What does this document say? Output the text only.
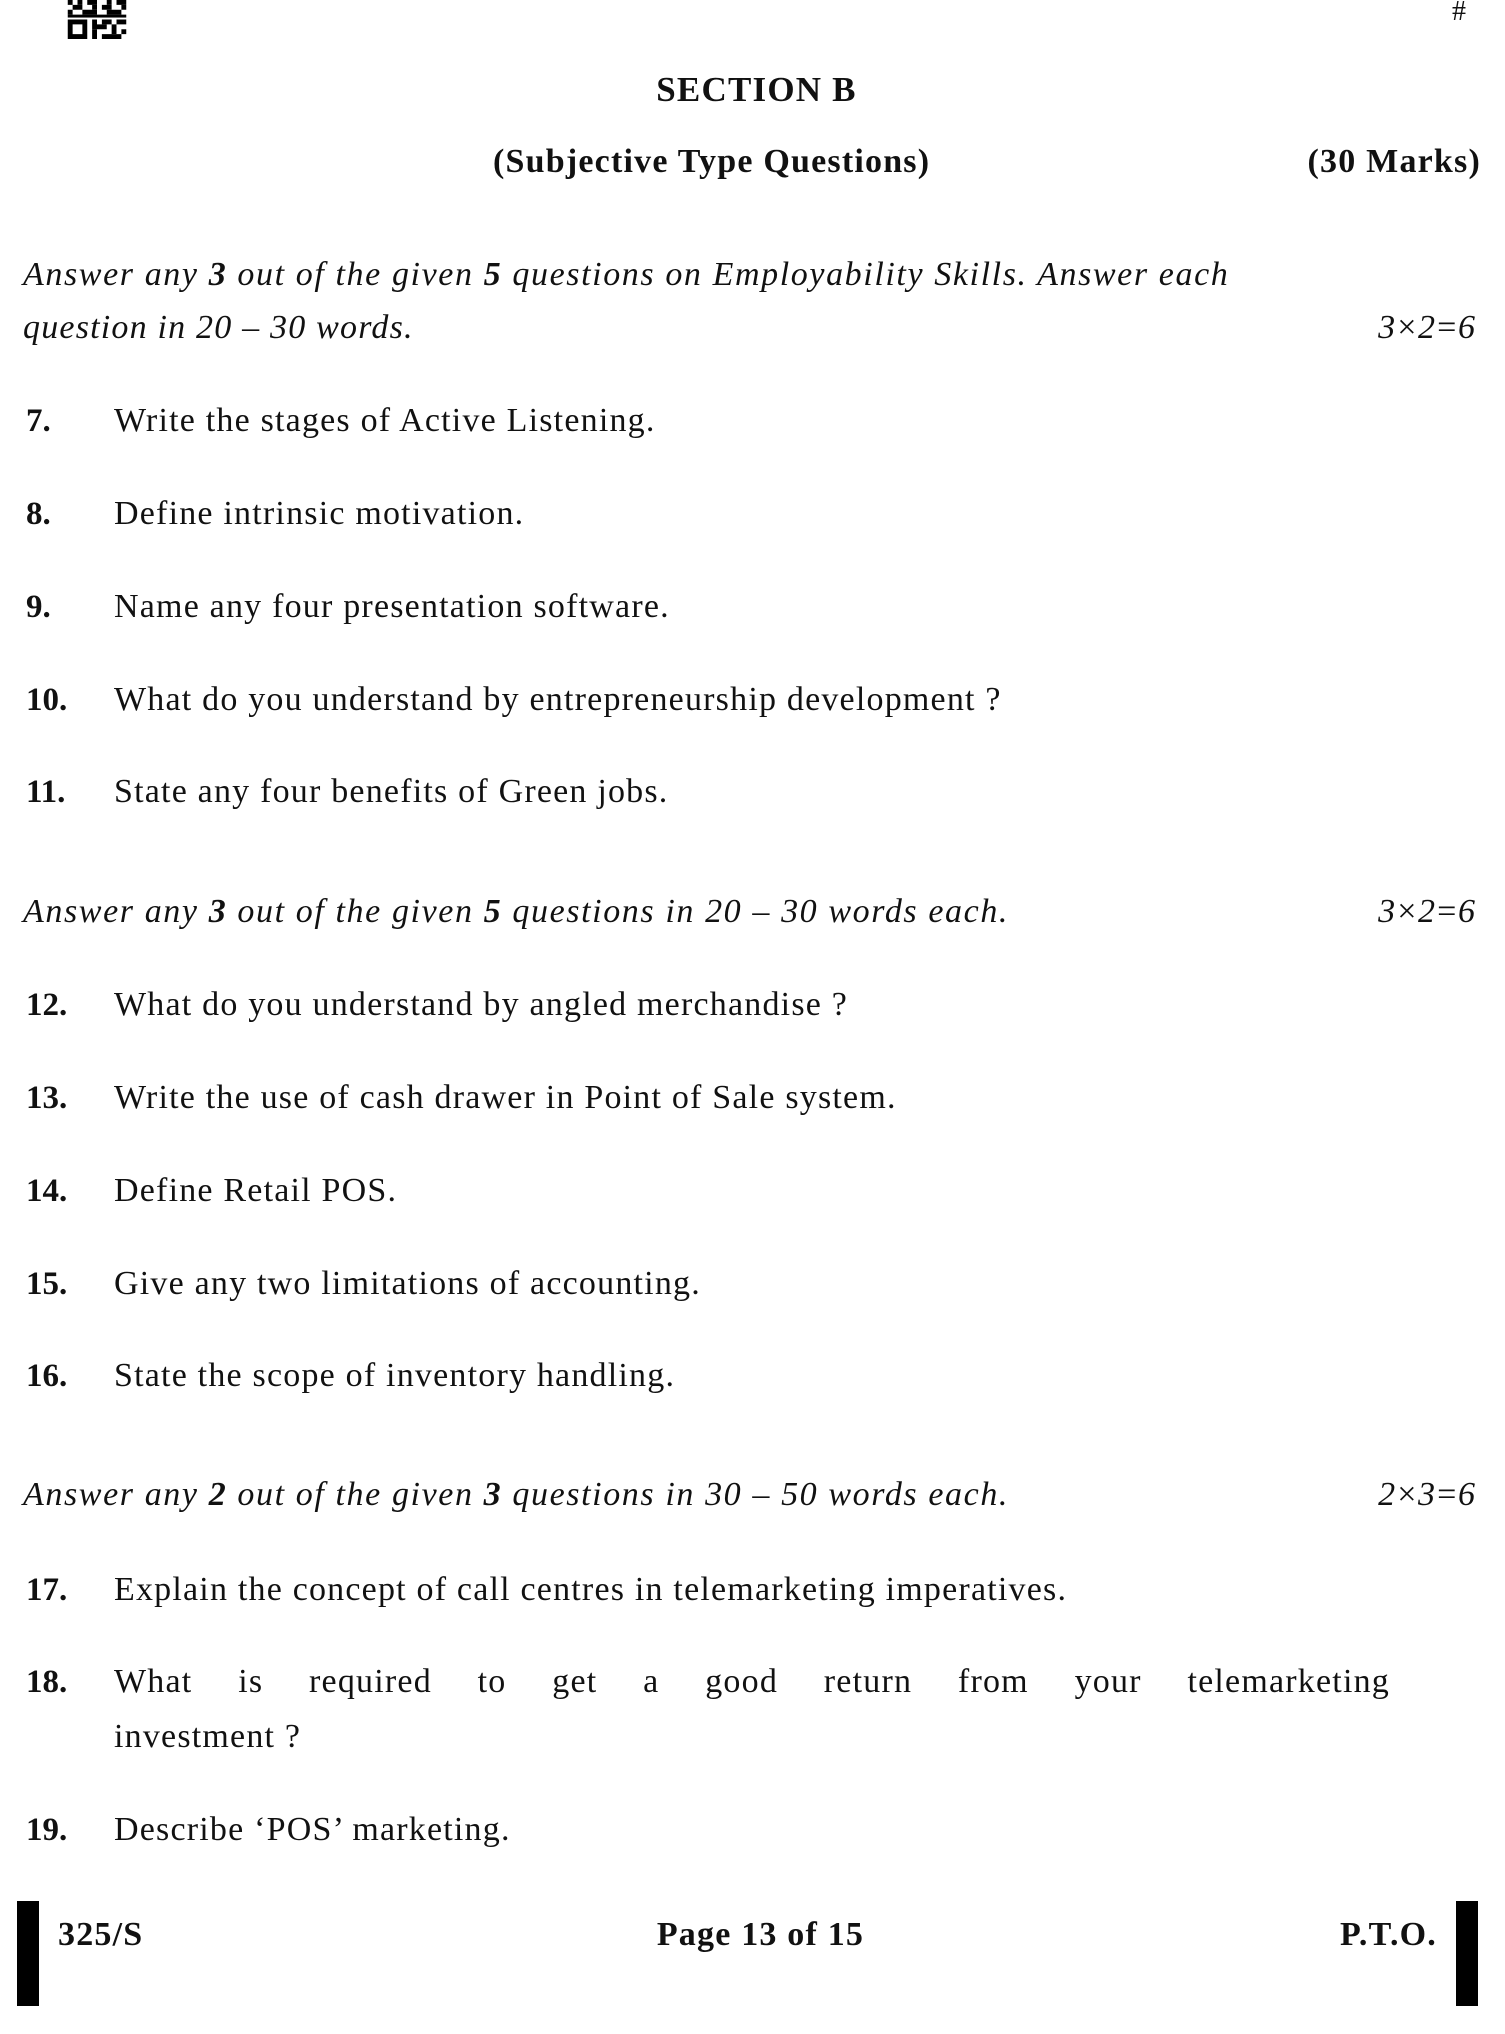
#
SECTION B
(Subjective Type Questions)	(30 Marks)
Answer any 3 out of the given 5 questions on Employability Skills. Answer each
question in 20 – 30 words.	3×2=6
7. Write the stages of Active Listening.
8. Define intrinsic motivation.
9. Name any four presentation software.
10. What do you understand by entrepreneurship development ?
11. State any four benefits of Green jobs.
Answer any 3 out of the given 5 questions in 20 – 30 words each.	3×2=6
12. What do you understand by angled merchandise ?
13. Write the use of cash drawer in Point of Sale system.
14. Define Retail POS.
15. Give any two limitations of accounting.
16. State the scope of inventory handling.
Answer any 2 out of the given 3 questions in 30 – 50 words each.	2×3=6
17. Explain the concept of call centres in telemarketing imperatives.
18. What is required to get a good return from your telemarketing
investment ?
19. Describe ‘POS’ marketing.
325/S	Page 13 of 15	P.T.O.
